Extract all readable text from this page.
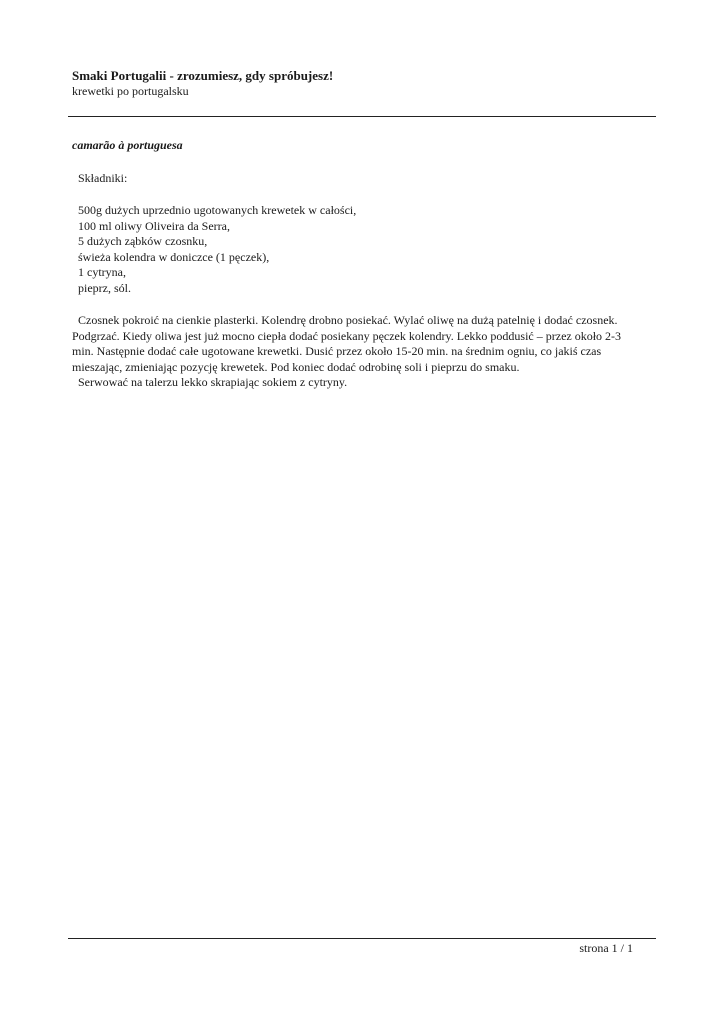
Smaki Portugalii - zrozumiesz, gdy spróbujesz!

krewetki po portugalsku

camarão à portuguesa

Składniki:

500g dużych uprzednio ugotowanych krewetek w całości,
100 ml oliwy Oliveira da Serra,
5 dużych ząbków czosnku,
świeża kolendra w doniczce (1 pęczek),
1 cytryna,
pieprz, sól.

Czosnek pokroić na cienkie plasterki. Kolendrę drobno posiekać. Wylać oliwę na dużą patelnię i dodać czosnek. Podgrzać. Kiedy oliwa jest już mocno ciepła dodać posiekany pęczek kolendry. Lekko poddusić – przez około 2-3 min. Następnie dodać całe ugotowane krewetki. Dusić przez około 15-20 min. na średnim ogniu, co jakiś czas mieszając, zmieniając pozycję krewetek. Pod koniec dodać odrobinę soli i pieprzu do smaku.

Serwować na talerzu lekko skrapiając sokiem z cytryny.

strona 1 / 1
